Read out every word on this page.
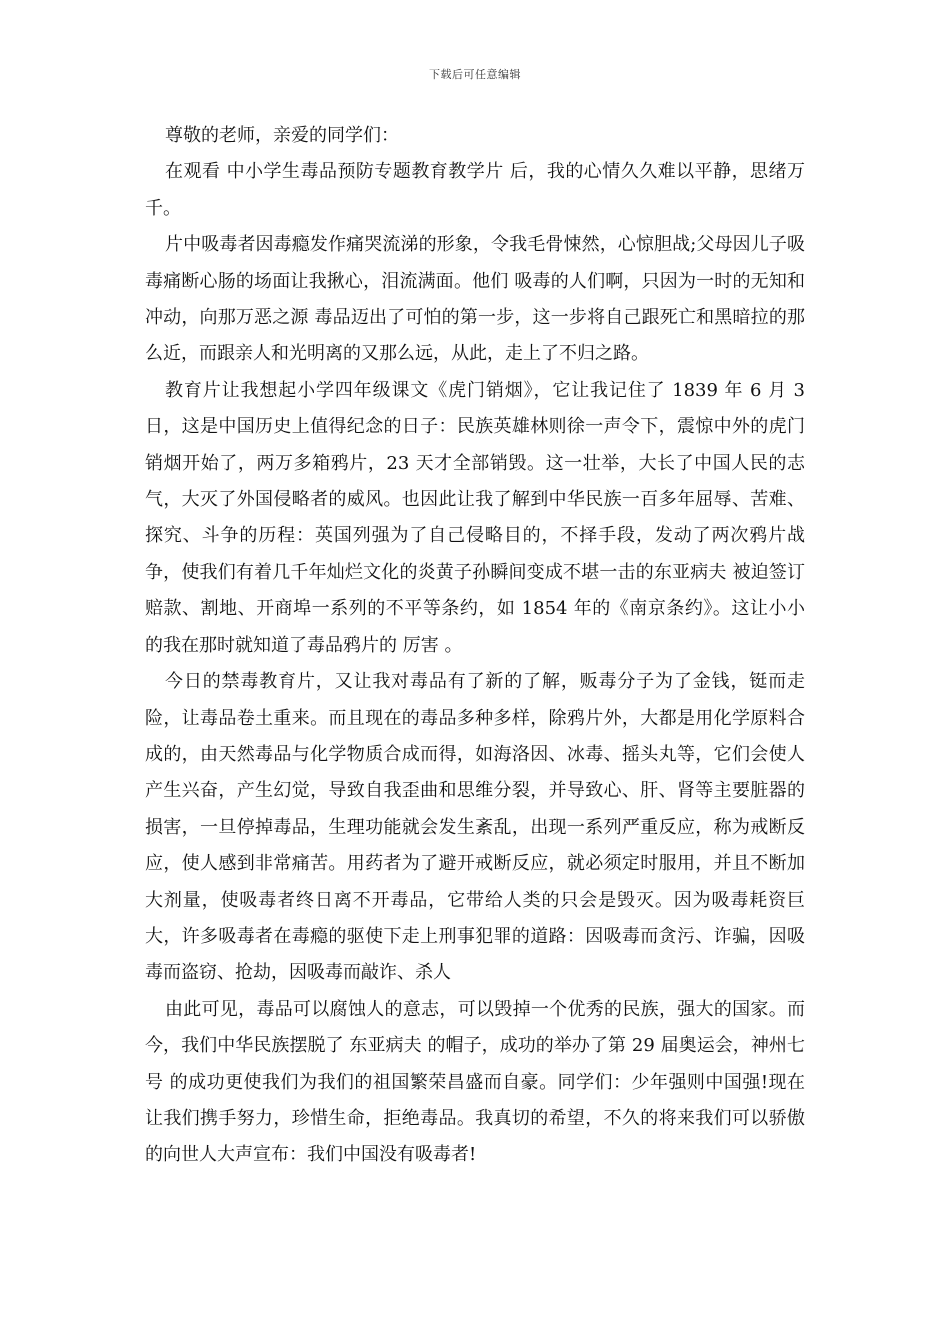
下载后可任意编辑

尊敬的老师，亲爱的同学们：

在观看 中小学生毒品预防专题教育教学片 后，我的心情久久难以平静，思绪万千。

片中吸毒者因毒瘾发作痛哭流涕的形象，令我毛骨悚然，心惊胆战;父母因儿子吸毒痛断心肠的场面让我揪心，泪流满面。他们 吸毒的人们啊，只因为一时的无知和冲动，向那万恶之源 毒品迈出了可怕的第一步，这一步将自己跟死亡和黑暗拉的那么近，而跟亲人和光明离的又那么远，从此，走上了不归之路。

教育片让我想起小学四年级课文《虎门销烟》，它让我记住了 1839 年 6 月 3 日，这是中国历史上值得纪念的日子：民族英雄林则徐一声令下，震惊中外的虎门销烟开始了，两万多箱鸦片，23 天才全部销毁。这一壮举，大长了中国人民的志气，大灭了外国侵略者的威风。也因此让我了解到中华民族一百多年屈辱、苦难、探究、斗争的历程：英国列强为了自己侵略目的，不择手段，发动了两次鸦片战争，使我们有着几千年灿烂文化的炎黄子孙瞬间变成不堪一击的东亚病夫 被迫签订赔款、割地、开商埠一系列的不平等条约，如 1854 年的《南京条约》。这让小小的我在那时就知道了毒品鸦片的 厉害 。

今日的禁毒教育片，又让我对毒品有了新的了解，贩毒分子为了金钱，铤而走险，让毒品卷土重来。而且现在的毒品多种多样，除鸦片外，大都是用化学原料合成的，由天然毒品与化学物质合成而得，如海洛因、冰毒、摇头丸等，它们会使人产生兴奋，产生幻觉，导致自我歪曲和思维分裂，并导致心、肝、肾等主要脏器的损害，一旦停掉毒品，生理功能就会发生紊乱，出现一系列严重反应，称为戒断反应，使人感到非常痛苦。用药者为了避开戒断反应，就必须定时服用，并且不断加大剂量，使吸毒者终日离不开毒品，它带给人类的只会是毁灭。因为吸毒耗资巨大，许多吸毒者在毒瘾的驱使下走上刑事犯罪的道路：因吸毒而贪污、诈骗，因吸毒而盗窃、抢劫，因吸毒而敲诈、杀人

由此可见，毒品可以腐蚀人的意志，可以毁掉一个优秀的民族，强大的国家。而今，我们中华民族摆脱了 东亚病夫 的帽子，成功的举办了第 29 届奥运会，神州七号 的成功更使我们为我们的祖国繁荣昌盛而自豪。同学们：少年强则中国强!现在让我们携手努力，珍惜生命，拒绝毒品。我真切的希望，不久的将来我们可以骄傲的向世人大声宣布：我们中国没有吸毒者!
